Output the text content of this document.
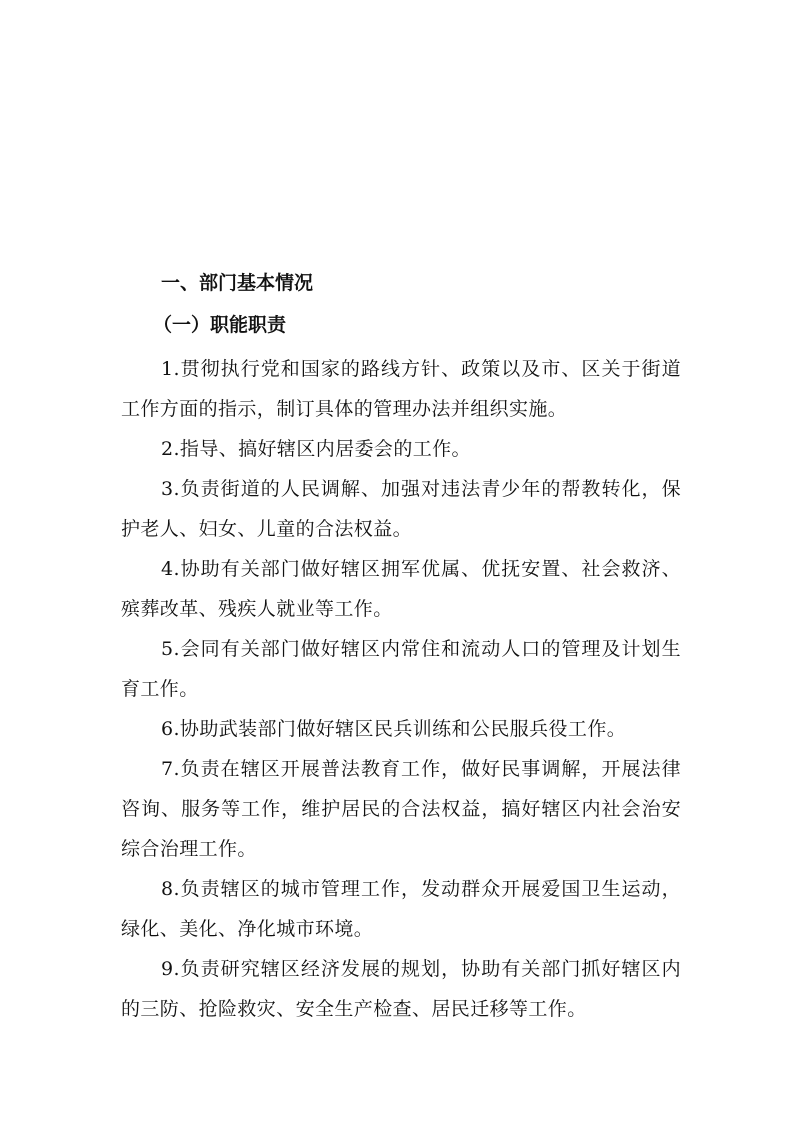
一、部门基本情况
（一）职能职责
1.贯彻执行党和国家的路线方针、政策以及市、区关于街道工作方面的指示，制订具体的管理办法并组织实施。
2.指导、搞好辖区内居委会的工作。
3.负责街道的人民调解、加强对违法青少年的帮教转化，保护老人、妇女、儿童的合法权益。
4.协助有关部门做好辖区拥军优属、优抚安置、社会救济、殡葬改革、残疾人就业等工作。
5.会同有关部门做好辖区内常住和流动人口的管理及计划生育工作。
6.协助武装部门做好辖区民兵训练和公民服兵役工作。
7.负责在辖区开展普法教育工作，做好民事调解，开展法律咨询、服务等工作，维护居民的合法权益，搞好辖区内社会治安综合治理工作。
8.负责辖区的城市管理工作，发动群众开展爱国卫生运动，绿化、美化、净化城市环境。
9.负责研究辖区经济发展的规划，协助有关部门抓好辖区内的三防、抢险救灾、安全生产检查、居民迁移等工作。
